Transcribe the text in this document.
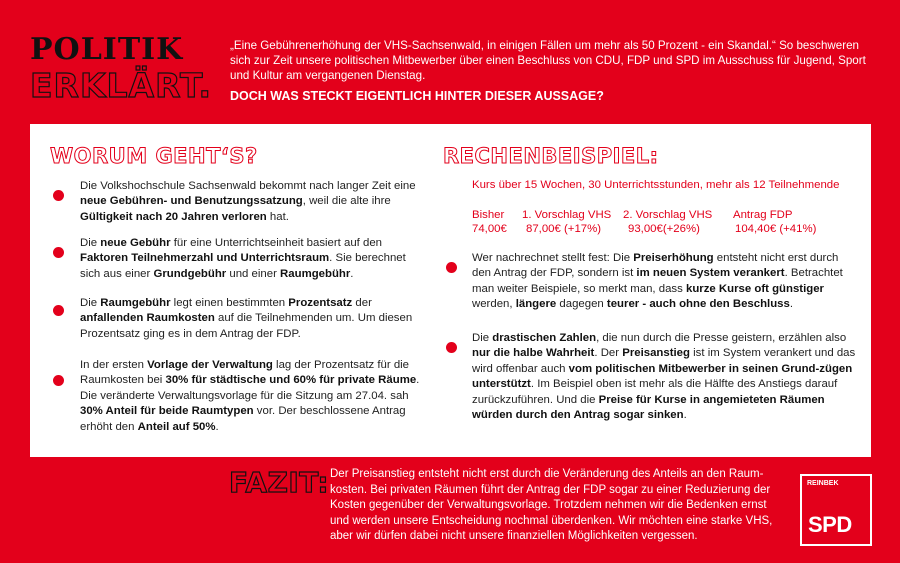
POLITIK
ERKLÄRT.
„Eine Gebührenerhöhung der VHS-Sachsenwald, in einigen Fällen um mehr als 50 Prozent - ein Skandal.“ So beschweren sich zur Zeit unsere politischen Mitbewerber über einen Beschluss von CDU, FDP und SPD im Ausschuss für Jugend, Sport und Kultur am vergangenen Dienstag.
DOCH WAS STECKT EIGENTLICH HINTER DIESER AUSSAGE?
WORUM GEHT‘S?
Die Volkshochschule Sachsenwald bekommt nach langer Zeit eine neue Gebühren- und Benutzungssatzung, weil die alte ihre Gültigkeit nach 20 Jahren verloren hat.
Die neue Gebühr für eine Unterrichtseinheit basiert auf den Faktoren Teilnehmerzahl und Unterrichtsraum. Sie berechnet sich aus einer Grundgebühr und einer Raumgebühr.
Die Raumgebühr legt einen bestimmten Prozentsatz der anfallenden Raumkosten auf die Teilnehmenden um. Um diesen Prozentsatz ging es in dem Antrag der FDP.
In der ersten Vorlage der Verwaltung lag der Prozentsatz für die Raumkosten bei 30% für städtische und 60% für private Räume. Die veränderte Verwaltungsvorlage für die Sitzung am 27.04. sah 30% Anteil für beide Raumtypen vor. Der beschlossene Antrag erhöht den Anteil auf 50%.
RECHENBEISPIEL:
Kurs über 15 Wochen, 30 Unterrichtsstunden, mehr als 12 Teilnehmende
Bisher 1. Vorschlag VHS 2. Vorschlag VHS Antrag FDP
74,00€ 87,00€ (+17%) 93,00€(+26%)	104,40€ (+41%)
Wer nachrechnet stellt fest: Die Preiserhöhung entsteht nicht erst durch den Antrag der FDP, sondern ist im neuen System verankert. Betrachtet man weiter Beispiele, so merkt man, dass kurze Kurse oft günstiger werden, längere dagegen teurer - auch ohne den Beschluss.
Die drastischen Zahlen, die nun durch die Presse geistern, erzählen also nur die halbe Wahrheit. Der Preisanstieg ist im System verankert und das wird offenbar auch vom politischen Mitbewerber in seinen Grund-zügen unterstützt. Im Beispiel oben ist mehr als die Hälfte des Anstiegs darauf zurückzuführen. Und die Preise für Kurse in angemieteten Räumen würden durch den Antrag sogar sinken.
FAZIT: Der Preisanstieg entsteht nicht erst durch die Veränderung des Anteils an den Raum-kosten. Bei privaten Räumen führt der Antrag der FDP sogar zu einer Reduzierung der Kosten gegenüber der Verwaltungsvorlage. Trotzdem nehmen wir die Bedenken ernst und werden unsere Entscheidung nochmal überdenken. Wir möchten eine starke VHS, aber wir dürfen dabei nicht unsere finanziellen Möglichkeiten vergessen.
REINBEK
SPD
